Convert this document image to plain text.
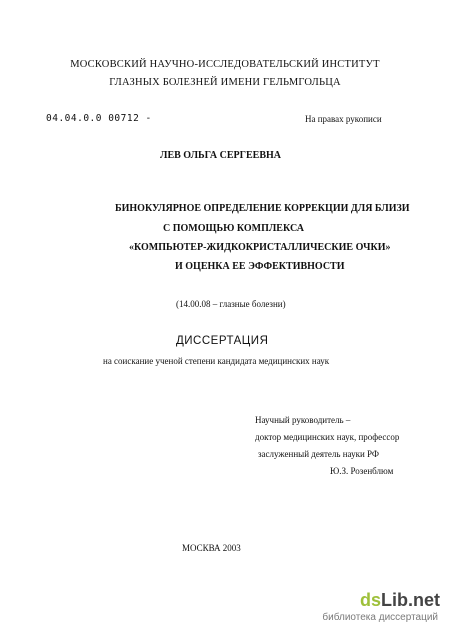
МОСКОВСКИЙ НАУЧНО-ИССЛЕДОВАТЕЛЬСКИЙ ИНСТИТУТ
ГЛАЗНЫХ БОЛЕЗНЕЙ ИМЕНИ ГЕЛЬМГОЛЬЦА
04.04.0.0 00712 -	На правах рукописи
ЛЕВ ОЛЬГА СЕРГЕЕВНА
БИНОКУЛЯРНОЕ ОПРЕДЕЛЕНИЕ КОРРЕКЦИИ ДЛЯ БЛИЗИ
С ПОМОЩЬЮ КОМПЛЕКСА
«КОМПЬЮТЕР-ЖИДКОКРИСТАЛЛИЧЕСКИЕ ОЧКИ»
И ОЦЕНКА ЕЕ ЭФФЕКТИВНОСТИ
(14.00.08 – глазные болезни)
ДИССЕРТАЦИЯ
на соискание ученой степени кандидата медицинских наук
Научный руководитель –
доктор медицинских наук, профессор
заслуженный деятель науки РФ
Ю.З. Розенблюм
МОСКВА 2003
dsLib.net
библиотека диссертаций
